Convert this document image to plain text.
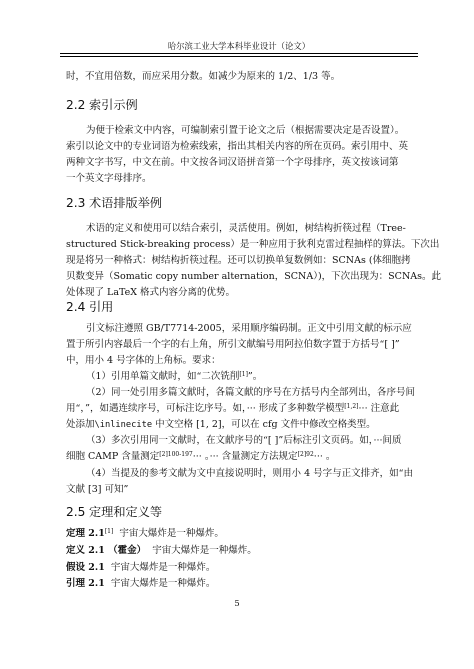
哈尔滨工业大学本科毕业设计（论文）
时，不宜用倍数，而应采用分数。如减少为原来的 1/2、1/3 等。
2.2 索引示例
为便于检索文中内容，可编制索引置于论文之后（根据需要决定是否设置）。
索引以论文中的专业词语为检索线索，指出其相关内容的所在页码。索引用中、英
两种文字书写，中文在前。中文按各词汉语拼音第一个字母排序，英文按该词第
一个英文字母排序。
2.3 术语排版举例
术语的定义和使用可以结合索引，灵活使用。例如，树结构折筷过程（Tree-
structured Stick-breaking process）是一种应用于狄利克雷过程抽样的算法。下次出
现是将另一种格式：树结构折筷过程。还可以切换单复数例如：SCNAs (体细胞拷
贝数变异（Somatic copy number alternation，SCNA）)，下次出现为：SCNAs。此
处体现了 LaTeX 格式内容分离的优势。
2.4 引用
引文标注遵照 GB/T7714-2005，采用顺序编码制。正文中引用文献的标示应
置于所引内容最后一个字的右上角，所引文献编号用阿拉伯数字置于方括号“[ ]”
中，用小 4 号字体的上角标。要求：
（1）引用单篇文献时，如“二次铣削[1]”。
（2）同一处引用多篇文献时，各篇文献的序号在方括号内全部列出，各序号间
用“，”，如遇连续序号，可标注讫序号。如，··· 形成了多种数学模型[1,2]··· 注意此
处添加\inlinecite 中文空格 [1, 2]，可以在 cfg 文件中修改空格类型。
（3）多次引用同一文献时，在文献序号的“[ ]”后标注引文页码。如，···间质
细胞 CAMP 含量测定$^{[2]100-197}$··· 。··· 含量测定方法规定$^{[2]92}$··· 。
（4）当提及的参考文献为文中直接说明时，则用小 4 号字与正文排齐，如“由
文献 [3] 可知”
2.5 定理和定义等
定理 2.1[1] 宇宙大爆炸是一种爆炸。
定义 2.1 （霍金） 宇宙大爆炸是一种爆炸。
假设 2.1 宇宙大爆炸是一种爆炸。
引理 2.1 宇宙大爆炸是一种爆炸。
5
